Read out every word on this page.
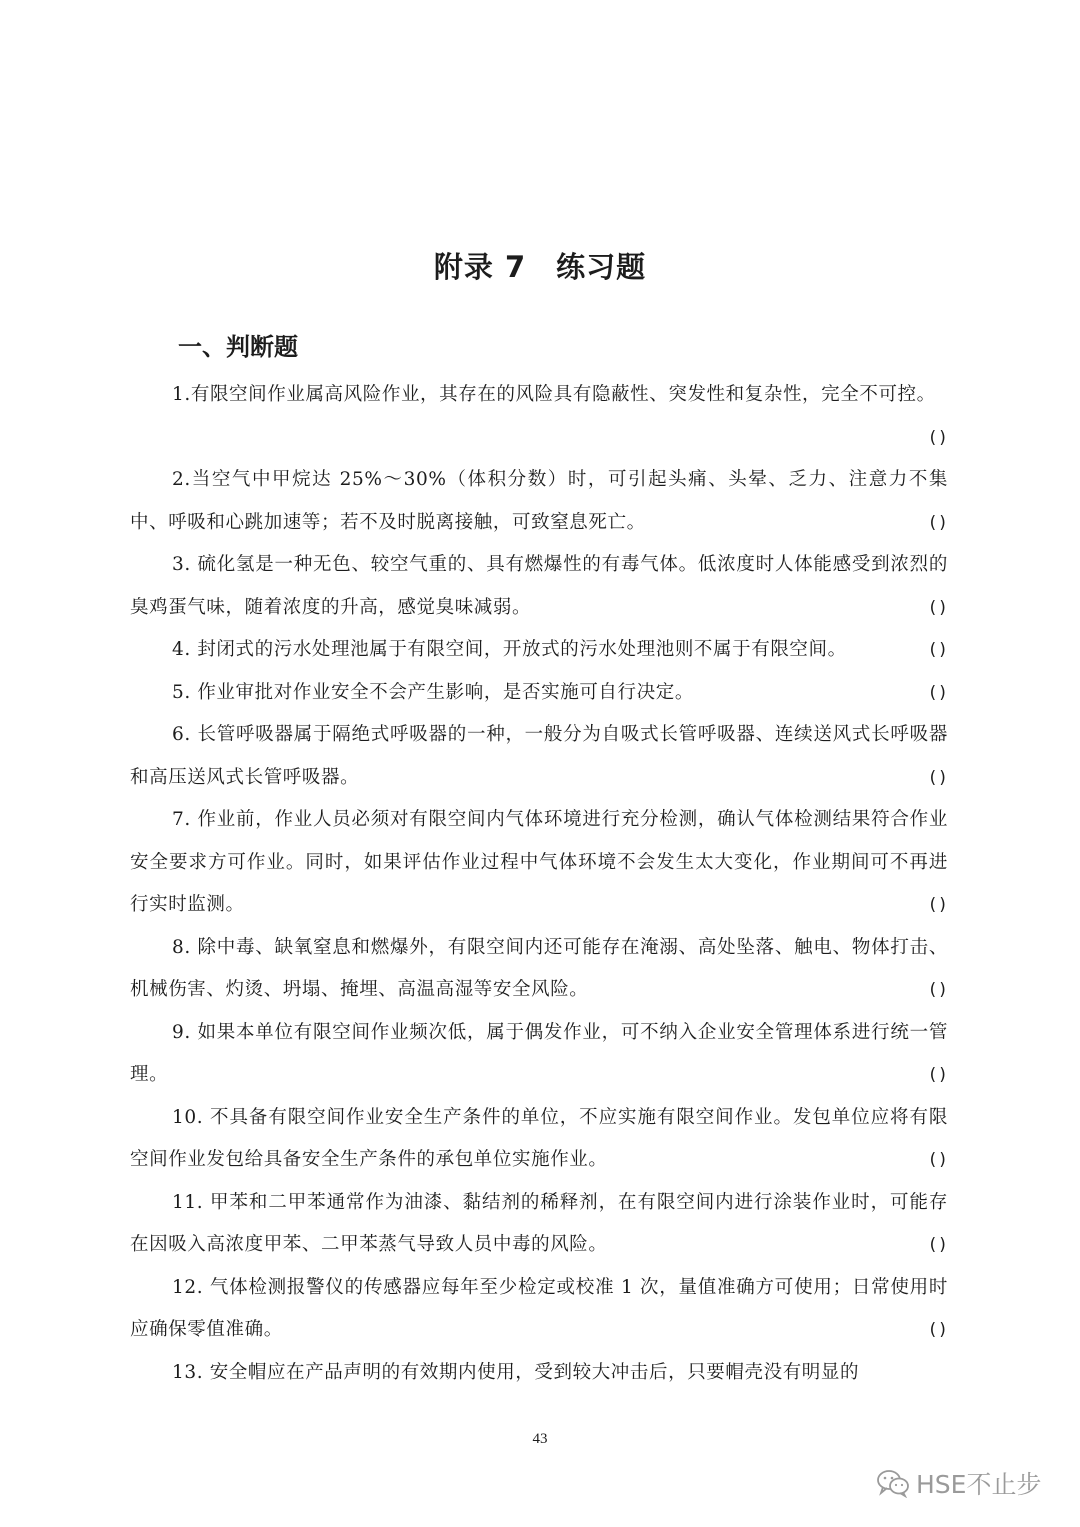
附录 7　练习题
一、判断题
1.有限空间作业属高风险作业，其存在的风险具有隐蔽性、突发性和复杂性，完全不可控。
()
2.当空气中甲烷达 25%～30%（体积分数）时，可引起头痛、头晕、乏力、注意力不集中、呼吸和心跳加速等；若不及时脱离接触，可致窒息死亡。	()
3. 硫化氢是一种无色、较空气重的、具有燃爆性的有毒气体。低浓度时人体能感受到浓烈的臭鸡蛋气味，随着浓度的升高，感觉臭味减弱。	()
4. 封闭式的污水处理池属于有限空间，开放式的污水处理池则不属于有限空间。	()
5. 作业审批对作业安全不会产生影响，是否实施可自行决定。	()
6. 长管呼吸器属于隔绝式呼吸器的一种，一般分为自吸式长管呼吸器、连续送风式长呼吸器和高压送风式长管呼吸器。	()
7. 作业前，作业人员必须对有限空间内气体环境进行充分检测，确认气体检测结果符合作业安全要求方可作业。同时，如果评估作业过程中气体环境不会发生太大变化，作业期间可不再进行实时监测。	()
8. 除中毒、缺氧窒息和燃爆外，有限空间内还可能存在淹溺、高处坠落、触电、物体打击、机械伤害、灼烫、坍塌、掩埋、高温高湿等安全风险。	()
9. 如果本单位有限空间作业频次低，属于偶发作业，可不纳入企业安全管理体系进行统一管理。	()
10. 不具备有限空间作业安全生产条件的单位，不应实施有限空间作业。发包单位应将有限空间作业发包给具备安全生产条件的承包单位实施作业。	()
11. 甲苯和二甲苯通常作为油漆、黏结剂的稀释剂，在有限空间内进行涂装作业时，可能存在因吸入高浓度甲苯、二甲苯蒸气导致人员中毒的风险。	()
12. 气体检测报警仪的传感器应每年至少检定或校准 1 次，量值准确方可使用；日常使用时应确保零值准确。	()
13. 安全帽应在产品声明的有效期内使用，受到较大冲击后，只要帽壳没有明显的
43
HSE不止步
